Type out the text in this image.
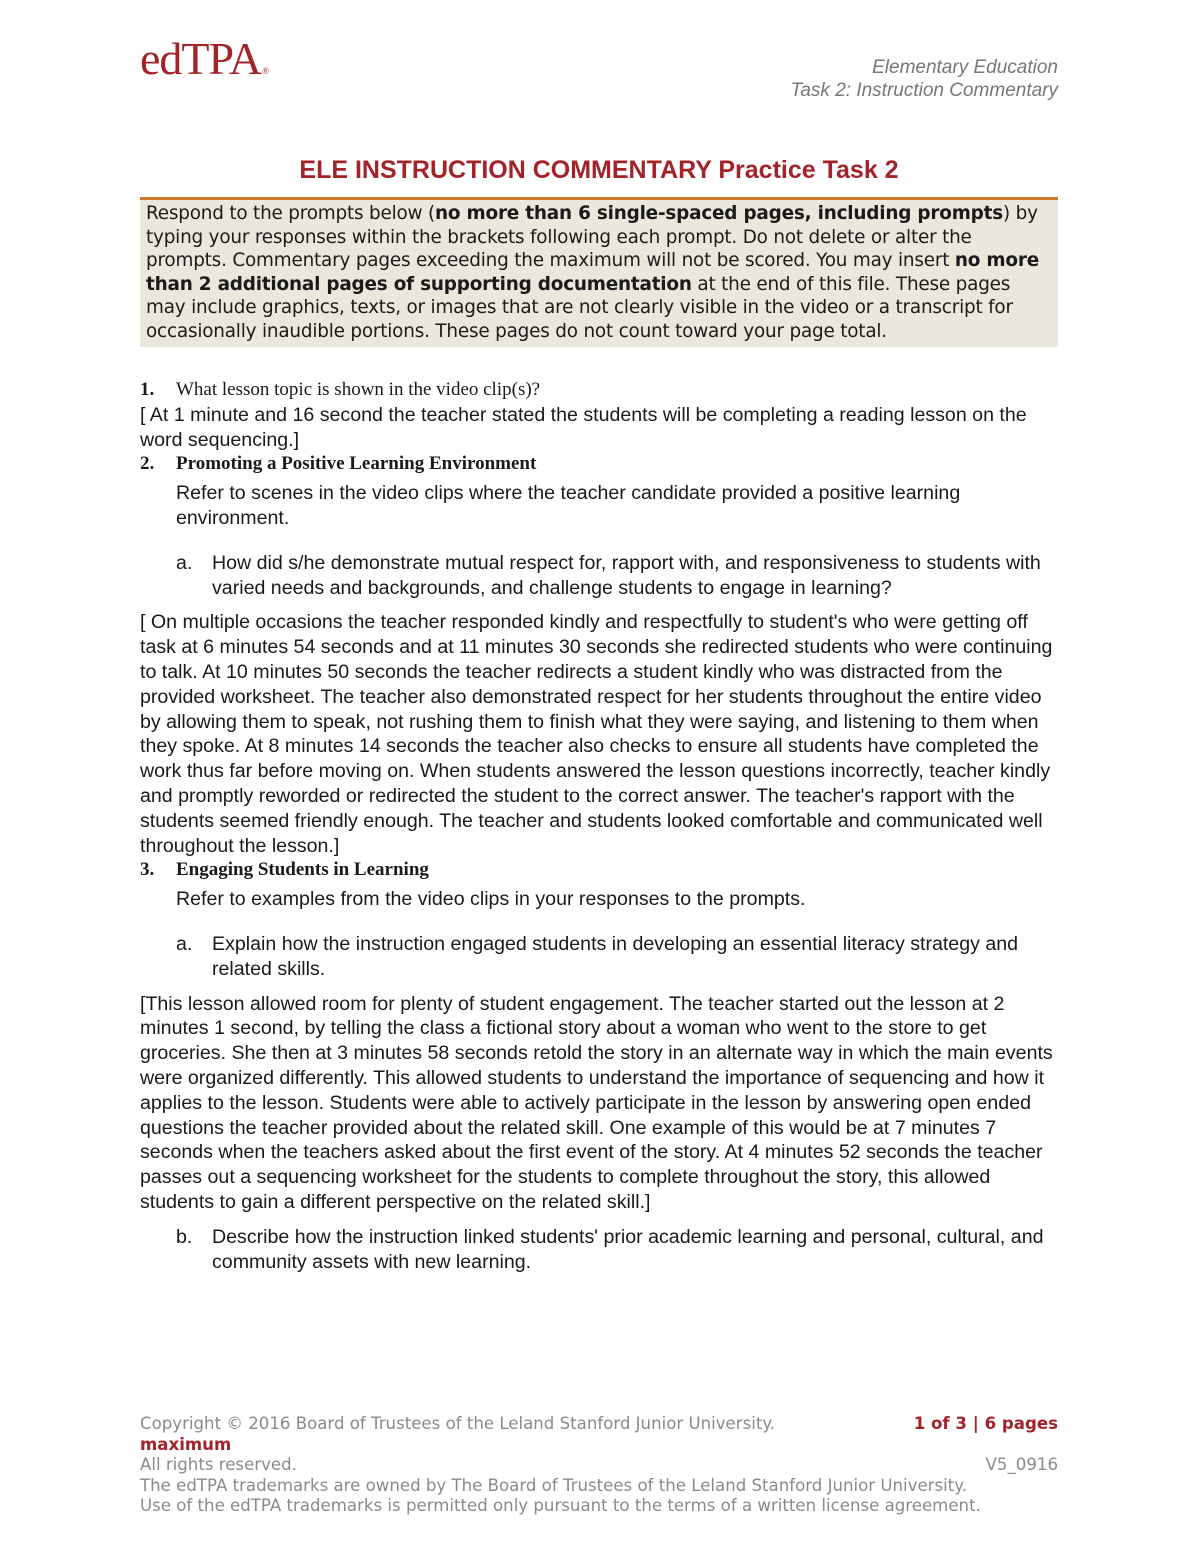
edTPA®	Elementary Education
Task 2: Instruction Commentary
ELE INSTRUCTION COMMENTARY Practice Task 2
Respond to the prompts below (no more than 6 single-spaced pages, including prompts) by typing your responses within the brackets following each prompt. Do not delete or alter the prompts. Commentary pages exceeding the maximum will not be scored. You may insert no more than 2 additional pages of supporting documentation at the end of this file. These pages may include graphics, texts, or images that are not clearly visible in the video or a transcript for occasionally inaudible portions. These pages do not count toward your page total.
1.	What lesson topic is shown in the video clip(s)?

[ At 1 minute and 16 second the teacher stated the students will be completing a reading lesson on the word sequencing.]

2.	Promoting a Positive Learning Environment

Refer to scenes in the video clips where the teacher candidate provided a positive learning environment.

a.	How did s/he demonstrate mutual respect for, rapport with, and responsiveness to students with varied needs and backgrounds, and challenge students to engage in learning?

[ On multiple occasions the teacher responded kindly and respectfully to student's who were getting off task at 6 minutes 54 seconds and at 11 minutes 30 seconds she redirected students who were continuing to talk. At 10 minutes 50 seconds the teacher redirects a student kindly who was distracted from the provided worksheet. The teacher also demonstrated respect for her students throughout the entire video by allowing them to speak, not rushing them to finish what they were saying, and listening to them when they spoke. At 8 minutes 14 seconds the teacher also checks to ensure all students have completed the work thus far before moving on. When students answered the lesson questions incorrectly, teacher kindly and promptly reworded or redirected the student to the correct answer. The teacher's rapport with the students seemed friendly enough. The teacher and students looked comfortable and communicated well throughout the lesson.]

3.	Engaging Students in Learning

Refer to examples from the video clips in your responses to the prompts.

a.	Explain how the instruction engaged students in developing an essential literacy strategy and related skills.

[This lesson allowed room for plenty of student engagement. The teacher started out the lesson at 2 minutes 1 second, by telling the class a fictional story about a woman who went to the store to get groceries. She then at 3 minutes 58 seconds retold the story in an alternate way in which the main events were organized differently. This allowed students to understand the importance of sequencing and how it applies to the lesson. Students were able to actively participate in the lesson by answering open ended questions the teacher provided about the related skill. One example of this would be at 7 minutes 7 seconds when the teachers asked about the first event of the story. At 4 minutes 52 seconds the teacher passes out a sequencing worksheet for the students to complete throughout the story, this allowed students to gain a different perspective on the related skill.]

b.	Describe how the instruction linked students' prior academic learning and personal, cultural, and community assets with new learning.
Copyright © 2016 Board of Trustees of the Leland Stanford Junior University.	1 of 3 | 6 pages
maximum
All rights reserved.	V5_0916
The edTPA trademarks are owned by The Board of Trustees of the Leland Stanford Junior University.
Use of the edTPA trademarks is permitted only pursuant to the terms of a written license agreement.
